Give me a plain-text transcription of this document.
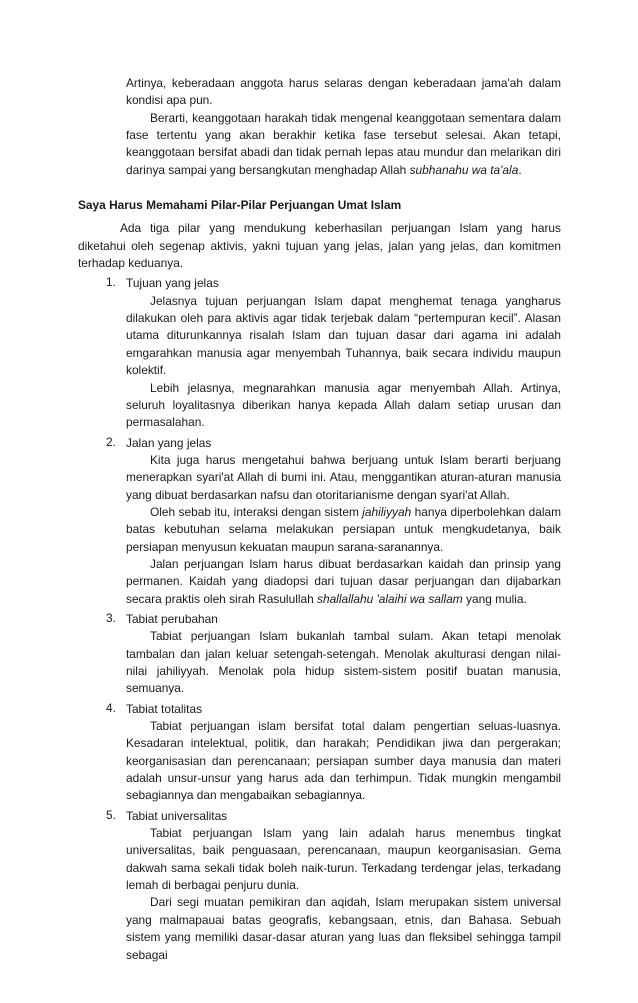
Artinya, keberadaan anggota harus selaras dengan keberadaan jama'ah dalam kondisi apa pun.

Berarti, keanggotaan harakah tidak mengenal keanggotaan sementara dalam fase tertentu yang akan berakhir ketika fase tersebut selesai. Akan tetapi, keanggotaan bersifat abadi dan tidak pernah lepas atau mundur dan melarikan diri darinya sampai yang bersangkutan menghadap Allah subhanahu wa ta'ala.

Saya Harus Memahami Pilar-Pilar Perjuangan Umat Islam

Ada tiga pilar yang mendukung keberhasilan perjuangan Islam yang harus diketahui oleh segenap aktivis, yakni tujuan yang jelas, jalan yang jelas, dan komitmen terhadap keduanya.

1. Tujuan yang jelas

Jelasnya tujuan perjuangan Islam dapat menghemat tenaga yangharus dilakukan oleh para aktivis agar tidak terjebak dalam “pertempuran kecil”. Alasan utama diturunkannya risalah Islam dan tujuan dasar dari agama ini adalah emgarahkan manusia agar menyembah Tuhannya, baik secara individu maupun kolektif.

Lebih jelasnya, megnarahkan manusia agar menyembah Allah. Artinya, seluruh loyalitasnya diberikan hanya kepada Allah dalam setiap urusan dan permasalahan.

2. Jalan yang jelas

Kita juga harus mengetahui bahwa berjuang untuk Islam berarti berjuang menerapkan syari'at Allah di bumi ini. Atau, menggantikan aturan-aturan manusia yang dibuat berdasarkan nafsu dan otoritarianisme dengan syari'at Allah.

Oleh sebab itu, interaksi dengan sistem jahiliyyah hanya diperbolehkan dalam batas kebutuhan selama melakukan persiapan untuk mengkudetanya, baik persiapan menyusun kekuatan maupun sarana-saranannya.

Jalan perjuangan Islam harus dibuat berdasarkan kaidah dan prinsip yang permanen. Kaidah yang diadopsi dari tujuan dasar perjuangan dan dijabarkan secara praktis oleh sirah Rasulullah shallallahu 'alaihi wa sallam yang mulia.

3. Tabiat perubahan

Tabiat perjuangan Islam bukanlah tambal sulam. Akan tetapi menolak tambalan dan jalan keluar setengah-setengah. Menolak akulturasi dengan nilai-nilai jahiliyyah. Menolak pola hidup sistem-sistem positif buatan manusia, semuanya.

4. Tabiat totalitas

Tabiat perjuangan islam bersifat total dalam pengertian seluas-luasnya. Kesadaran intelektual, politik, dan harakah; Pendidikan jiwa dan pergerakan; keorganisasian dan perencanaan; persiapan sumber daya manusia dan materi adalah unsur-unsur yang harus ada dan terhimpun. Tidak mungkin mengambil sebagiannya dan mengabaikan sebagiannya.

5. Tabiat universalitas

Tabiat perjuangan Islam yang lain adalah harus menembus tingkat universalitas, baik penguasaan, perencanaan, maupun keorganisasian. Gema dakwah sama sekali tidak boleh naik-turun. Terkadang terdengar jelas, terkadang lemah di berbagai penjuru dunia.

Dari segi muatan pemikiran dan aqidah, Islam merupakan sistem universal yang malmapauai batas geografis, kebangsaan, etnis, dan Bahasa. Sebuah sistem yang memiliki dasar-dasar aturan yang luas dan fleksibel sehingga tampil sebagai
